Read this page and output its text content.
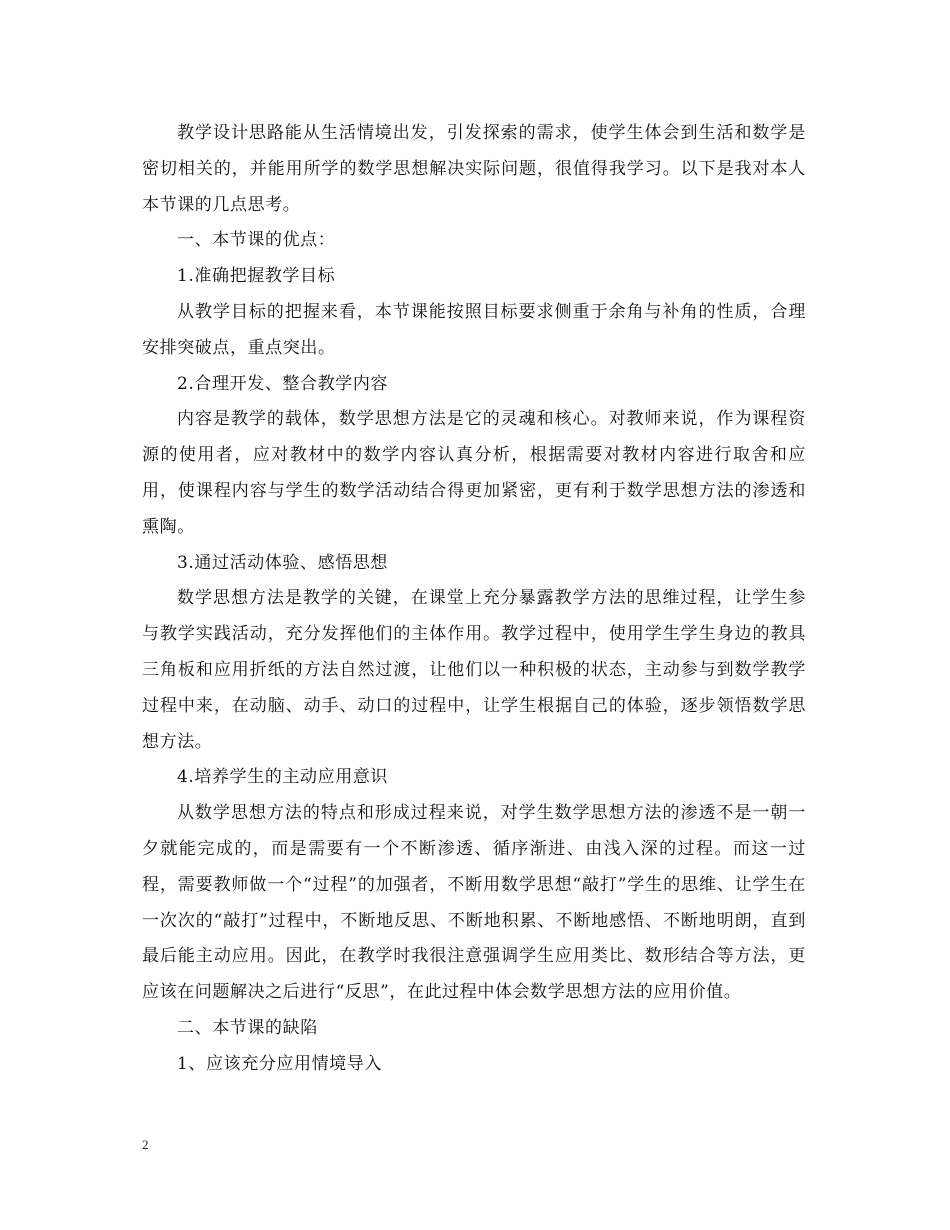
教学设计思路能从生活情境出发，引发探索的需求，使学生体会到生活和数学是密切相关的，并能用所学的数学思想解决实际问题，很值得我学习。以下是我对本人本节课的几点思考。

一、本节课的优点：

1.准确把握教学目标

从教学目标的把握来看，本节课能按照目标要求侧重于余角与补角的性质，合理安排突破点，重点突出。

2.合理开发、整合教学内容

内容是教学的载体，数学思想方法是它的灵魂和核心。对教师来说，作为课程资源的使用者，应对教材中的数学内容认真分析，根据需要对教材内容进行取舍和应用，使课程内容与学生的数学活动结合得更加紧密，更有利于数学思想方法的渗透和熏陶。

3.通过活动体验、感悟思想

数学思想方法是教学的关键，在课堂上充分暴露教学方法的思维过程，让学生参与教学实践活动，充分发挥他们的主体作用。教学过程中，使用学生学生身边的教具三角板和应用折纸的方法自然过渡，让他们以一种积极的状态，主动参与到数学教学过程中来，在动脑、动手、动口的过程中，让学生根据自己的体验，逐步领悟数学思想方法。

4.培养学生的主动应用意识

从数学思想方法的特点和形成过程来说，对学生数学思想方法的渗透不是一朝一夕就能完成的，而是需要有一个不断渗透、循序渐进、由浅入深的过程。而这一过程，需要教师做一个“过程”的加强者，不断用数学思想“敲打”学生的思维、让学生在一次次的“敲打”过程中，不断地反思、不断地积累、不断地感悟、不断地明朗，直到最后能主动应用。因此，在教学时我很注意强调学生应用类比、数形结合等方法，更应该在问题解决之后进行“反思”，在此过程中体会数学思想方法的应用价值。

二、本节课的缺陷

1、应该充分应用情境导入

2
